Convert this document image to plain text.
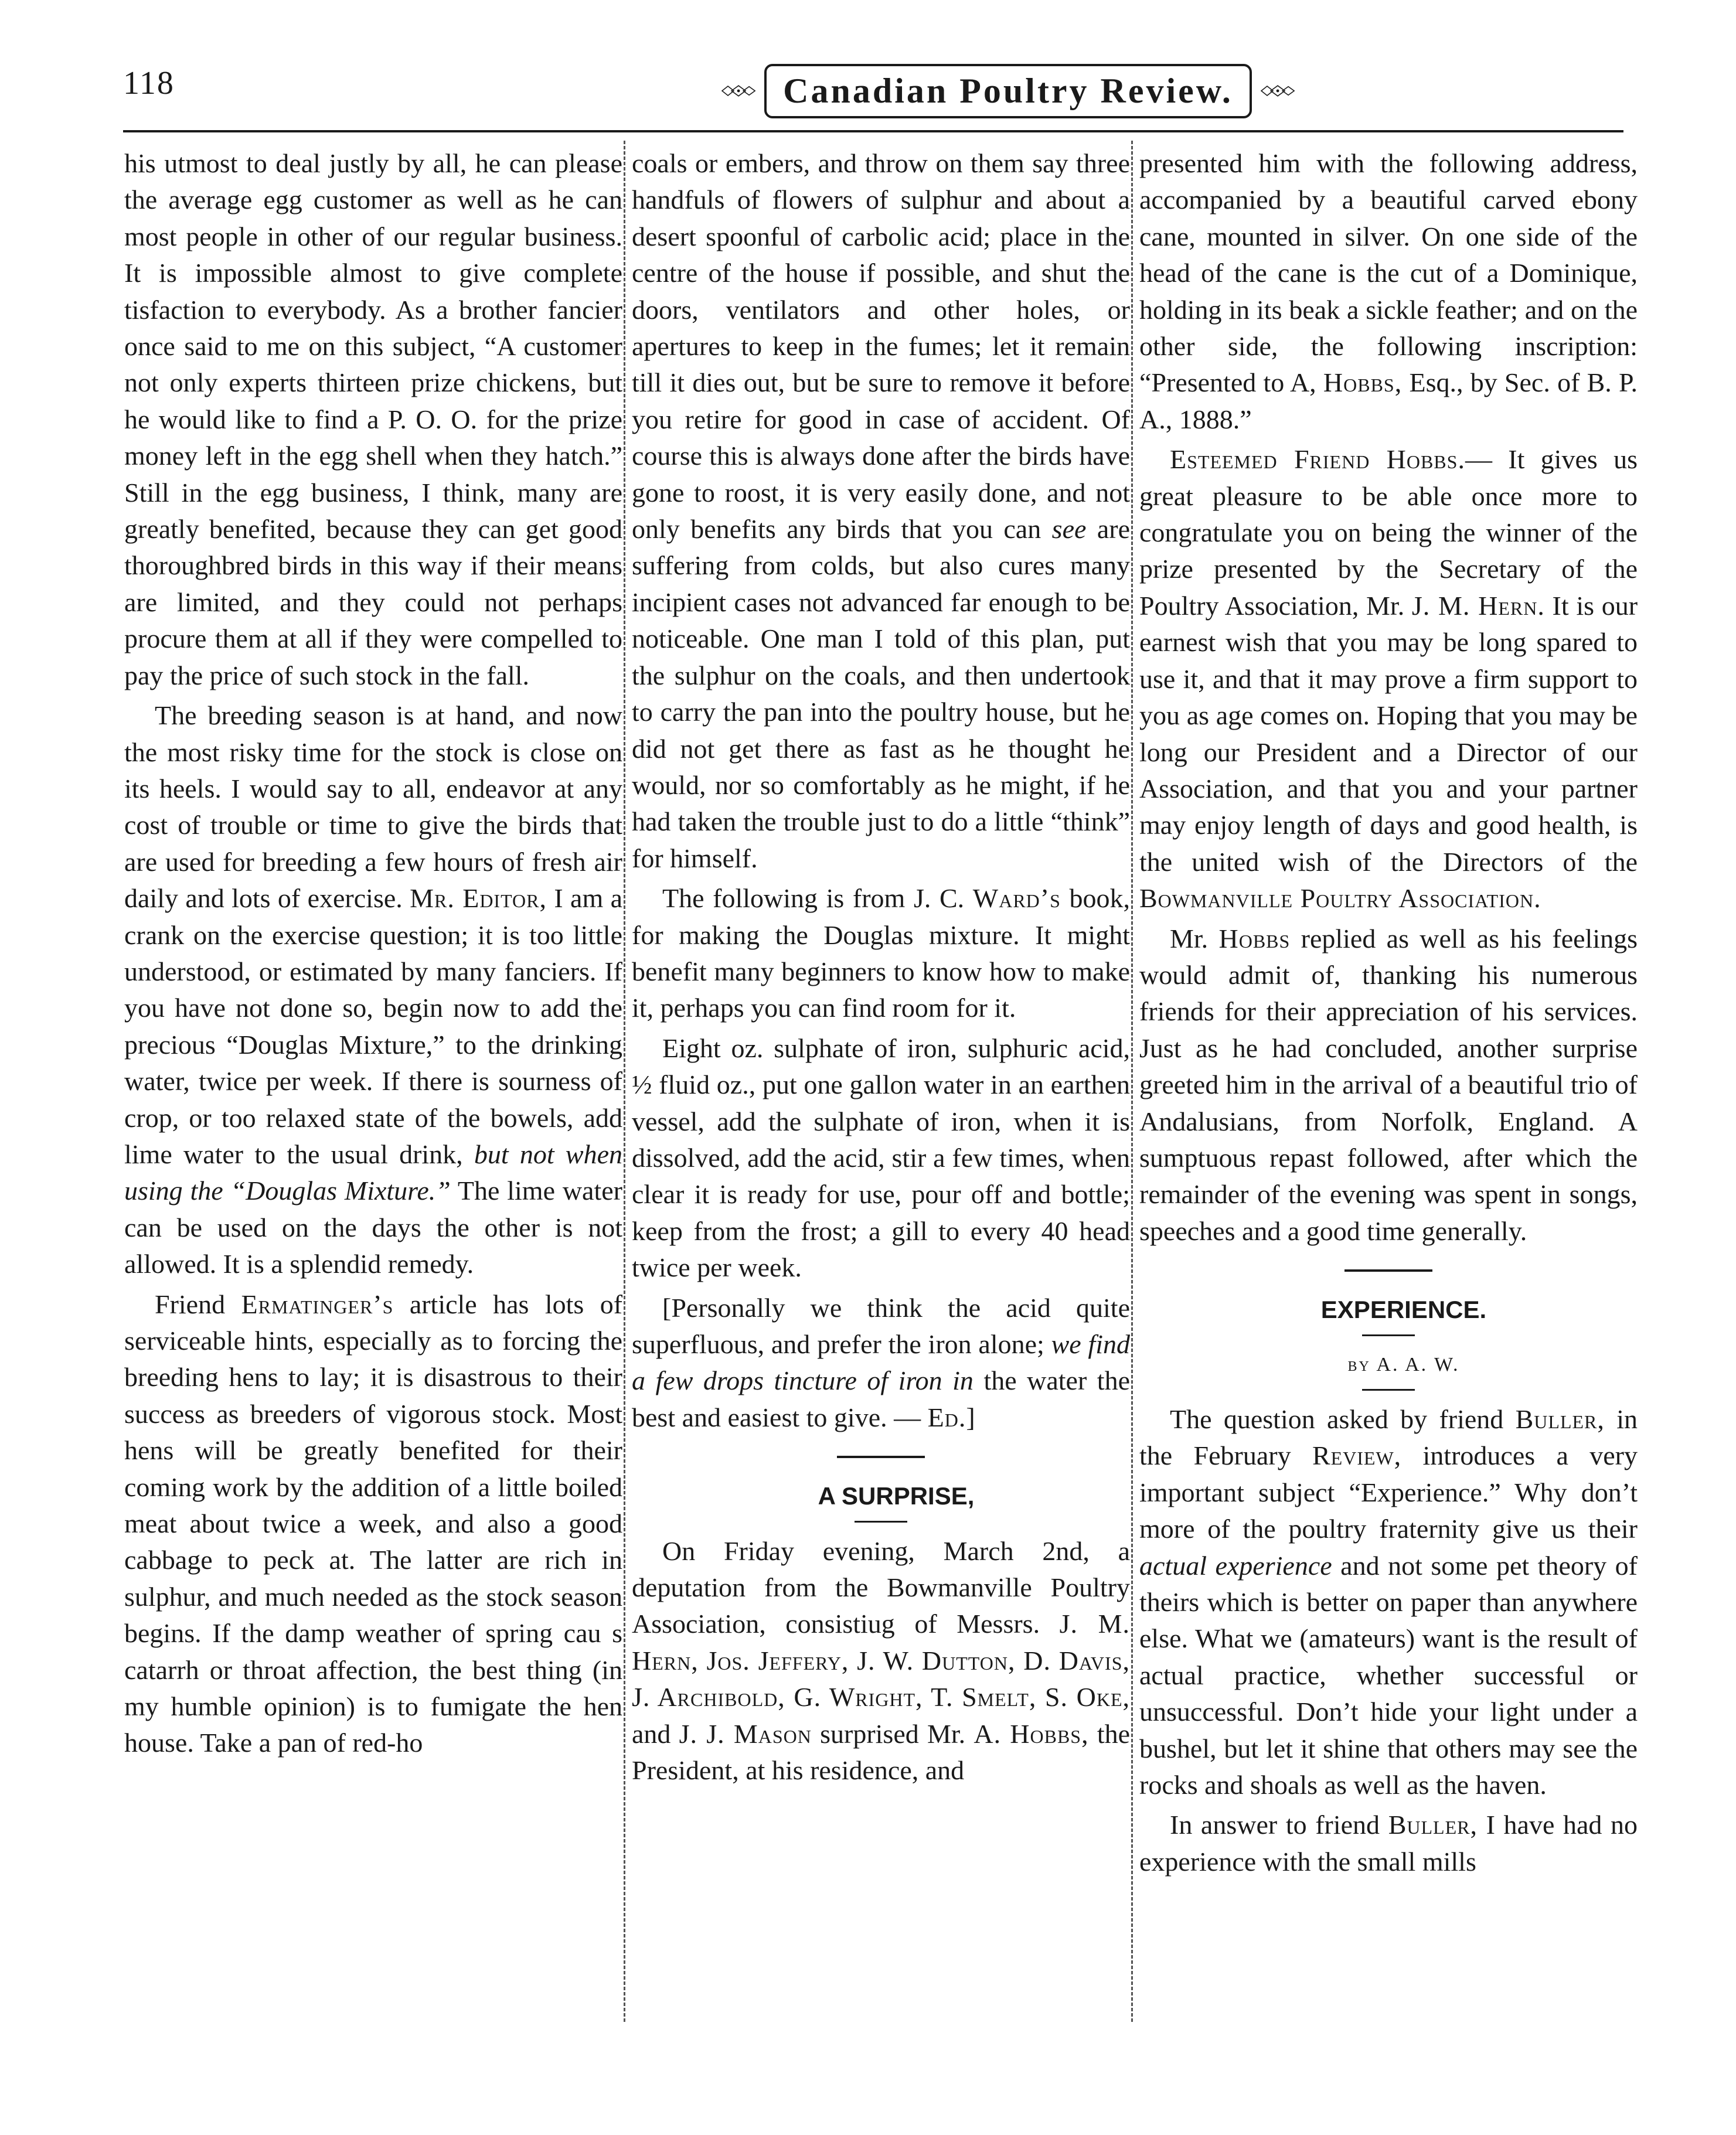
118	Canadian Poultry Review.

his utmost to deal justly by all, he can please the average egg customer as well as he can most people in other of our regular business. It is impossible almost to give complete tisfaction to everybody. As a brother fancier once said to me on this subject, “A customer not only experts thirteen prize chickens, but he would like to find a P. O. O. for the prize money left in the egg shell when they hatch.” Still in the egg business, I think, many are greatly benefited, because they can get good thoroughbred birds in this way if their means are limited, and they could not perhaps procure them at all if they were compelled to pay the price of such stock in the fall.

The breeding season is at hand, and now the most risky time for the stock is close on its heels. I would say to all, endeavor at any cost of trouble or time to give the birds that are used for breeding a few hours of fresh air daily and lots of exercise. Mr. Editor, I am a crank on the exercise question; it is too little understood, or estimated by many fanciers. If you have not done so, begin now to add the precious “Douglas Mixture,” to the drinking water, twice per week. If there is sourness of crop, or too relaxed state of the bowels, add lime water to the usual drink, but not when using the “Douglas Mixture.” The lime water can be used on the days the other is not allowed. It is a splendid remedy.

Friend Ermatinger’s article has lots of serviceable hints, especially as to forcing the breeding hens to lay; it is disastrous to their success as breeders of vigorous stock. Most hens will be greatly benefited for their coming work by the addition of a little boiled meat about twice a week, and also a good cabbage to peck at. The latter are rich in sulphur, and much needed as the stock season begins. If the damp weather of spring cau s catarrh or throat affection, the best thing (in my humble opinion) is to fumigate the hen house. Take a pan of red-ho

coals or embers, and throw on them say three handfuls of flowers of sulphur and about a desert spoonful of carbolic acid; place in the centre of the house if possible, and shut the doors, ventilators and other holes, or apertures to keep in the fumes; let it remain till it dies out, but be sure to remove it before you retire for good in case of accident. Of course this is always done after the birds have gone to roost, it is very easily done, and not only benefits any birds that you can see are suffering from colds, but also cures many incipient cases not advanced far enough to be noticeable. One man I told of this plan, put the sulphur on the coals, and then undertook to carry the pan into the poultry house, but he did not get there as fast as he thought he would, nor so comfortably as he might, if he had taken the trouble just to do a little “think” for himself.

The following is from J. C. Ward’s book, for making the Douglas mixture. It might benefit many beginners to know how to make it, perhaps you can find room for it.

Eight oz. sulphate of iron, sulphuric acid, ½ fluid oz., put one gallon water in an earthen vessel, add the sulphate of iron, when it is dissolved, add the acid, stir a few times, when clear it is ready for use, pour off and bottle; keep from the frost; a gill to every 40 head twice per week.

[Personally we think the acid quite superfluous, and prefer the iron alone; we find a few drops tincture of iron in the water the best and easiest to give. — Ed.]

A SURPRISE,

On Friday evening, March 2nd, a deputation from the Bowmanville Poultry Association, consistiug of Messrs. J. M. Hern, Jos. Jeffery, J. W. Dutton, D. Davis, J. Archibold, G. Wright, T. Smelt, S. Oke, and J. J. Mason surprised Mr. A. Hobbs, the President, at his residence, and

presented him with the following address, accompanied by a beautiful carved ebony cane, mounted in silver. On one side of the head of the cane is the cut of a Dominique, holding in its beak a sickle feather; and on the other side, the following inscription: “Presented to A, Hobbs, Esq., by Sec. of B. P. A., 1888.”

Esteemed Friend Hobbs.— It gives us great pleasure to be able once more to congratulate you on being the winner of the prize presented by the Secretary of the Poultry Association, Mr. J. M. Hern. It is our earnest wish that you may be long spared to use it, and that it may prove a firm support to you as age comes on. Hoping that you may be long our President and a Director of our Association, and that you and your partner may enjoy length of days and good health, is the united wish of the Directors of the Bowmanville Poultry Association.

Mr. Hobbs replied as well as his feelings would admit of, thanking his numerous friends for their appreciation of his services. Just as he had concluded, another surprise greeted him in the arrival of a beautiful trio of Andalusians, from Norfolk, England. A sumptuous repast followed, after which the remainder of the evening was spent in songs, speeches and a good time generally.

EXPERIENCE.

by A. A. W.

The question asked by friend Buller, in the February Review, introduces a very important subject “Experience.” Why don’t more of the poultry fraternity give us their actual experience and not some pet theory of theirs which is better on paper than anywhere else. What we (amateurs) want is the result of actual practice, whether successful or unsuccessful. Don’t hide your light under a bushel, but let it shine that others may see the rocks and shoals as well as the haven.

In answer to friend Buller, I have had no experience with the small mills
